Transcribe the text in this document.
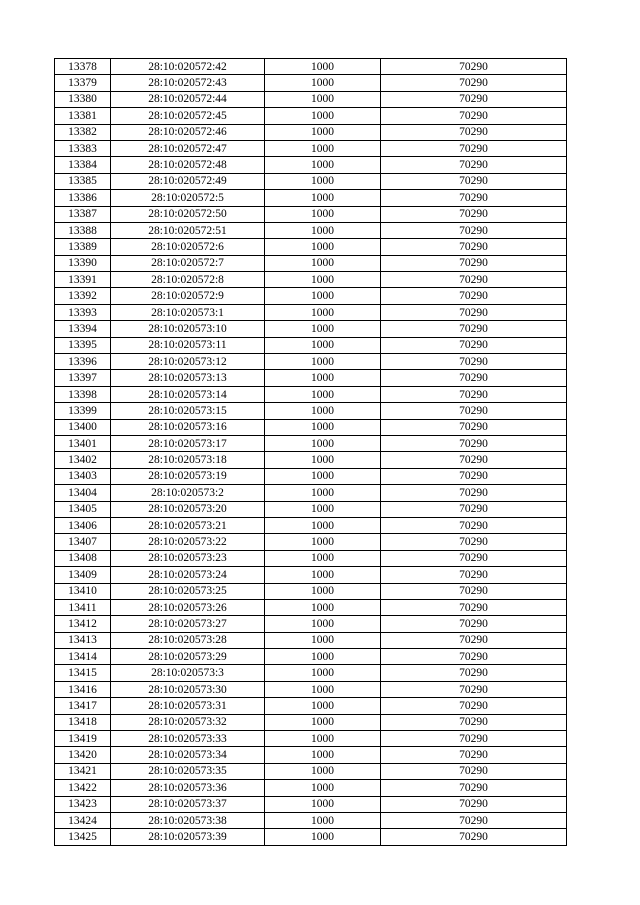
13378	28:10:020572:42	1000	70290
13379	28:10:020572:43	1000	70290
13380	28:10:020572:44	1000	70290
13381	28:10:020572:45	1000	70290
13382	28:10:020572:46	1000	70290
13383	28:10:020572:47	1000	70290
13384	28:10:020572:48	1000	70290
13385	28:10:020572:49	1000	70290
13386	28:10:020572:5	1000	70290
13387	28:10:020572:50	1000	70290
13388	28:10:020572:51	1000	70290
13389	28:10:020572:6	1000	70290
13390	28:10:020572:7	1000	70290
13391	28:10:020572:8	1000	70290
13392	28:10:020572:9	1000	70290
13393	28:10:020573:1	1000	70290
13394	28:10:020573:10	1000	70290
13395	28:10:020573:11	1000	70290
13396	28:10:020573:12	1000	70290
13397	28:10:020573:13	1000	70290
13398	28:10:020573:14	1000	70290
13399	28:10:020573:15	1000	70290
13400	28:10:020573:16	1000	70290
13401	28:10:020573:17	1000	70290
13402	28:10:020573:18	1000	70290
13403	28:10:020573:19	1000	70290
13404	28:10:020573:2	1000	70290
13405	28:10:020573:20	1000	70290
13406	28:10:020573:21	1000	70290
13407	28:10:020573:22	1000	70290
13408	28:10:020573:23	1000	70290
13409	28:10:020573:24	1000	70290
13410	28:10:020573:25	1000	70290
13411	28:10:020573:26	1000	70290
13412	28:10:020573:27	1000	70290
13413	28:10:020573:28	1000	70290
13414	28:10:020573:29	1000	70290
13415	28:10:020573:3	1000	70290
13416	28:10:020573:30	1000	70290
13417	28:10:020573:31	1000	70290
13418	28:10:020573:32	1000	70290
13419	28:10:020573:33	1000	70290
13420	28:10:020573:34	1000	70290
13421	28:10:020573:35	1000	70290
13422	28:10:020573:36	1000	70290
13423	28:10:020573:37	1000	70290
13424	28:10:020573:38	1000	70290
13425	28:10:020573:39	1000	70290
